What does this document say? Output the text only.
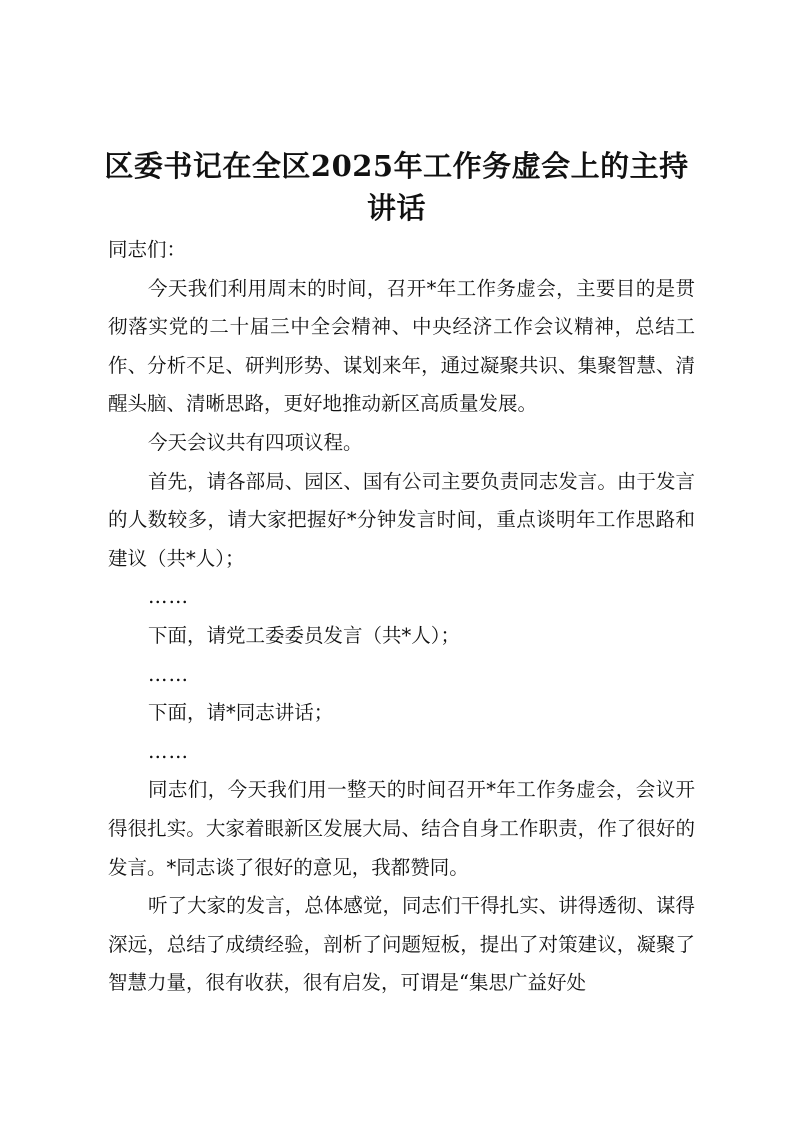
区委书记在全区2025年工作务虚会上的主持讲话

同志们：

今天我们利用周末的时间，召开*年工作务虚会，主要目的是贯彻落实党的二十届三中全会精神、中央经济工作会议精神，总结工作、分析不足、研判形势、谋划来年，通过凝聚共识、集聚智慧、清醒头脑、清晰思路，更好地推动新区高质量发展。

今天会议共有四项议程。

首先，请各部局、园区、国有公司主要负责同志发言。由于发言的人数较多，请大家把握好*分钟发言时间，重点谈明年工作思路和建议（共*人）；

……

下面，请党工委委员发言（共*人）；

……

下面，请*同志讲话；

……

同志们，今天我们用一整天的时间召开*年工作务虚会，会议开得很扎实。大家着眼新区发展大局、结合自身工作职责，作了很好的发言。*同志谈了很好的意见，我都赞同。

听了大家的发言，总体感觉，同志们干得扎实、讲得透彻、谋得深远，总结了成绩经验，剖析了问题短板，提出了对策建议，凝聚了智慧力量，很有收获，很有启发，可谓是“集思广益好处
